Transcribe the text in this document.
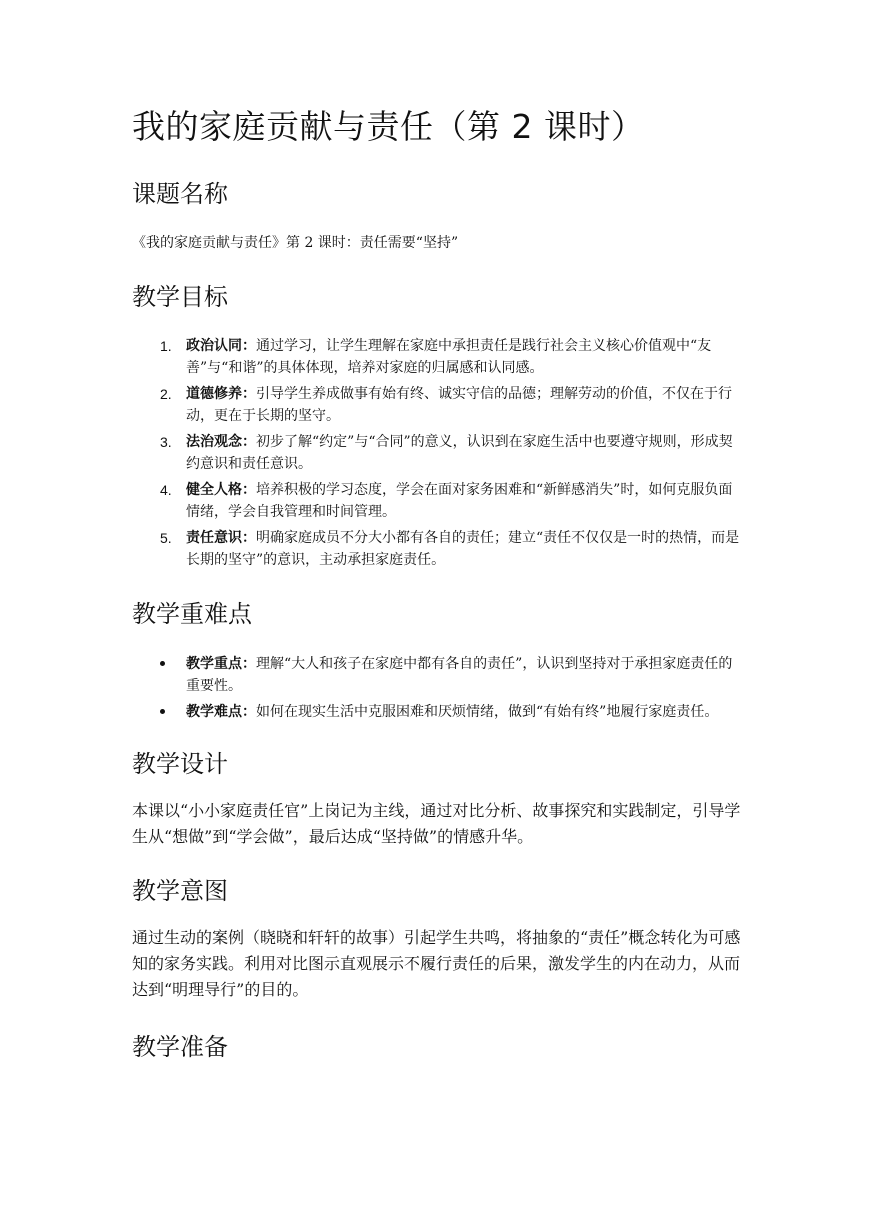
我的家庭贡献与责任（第 2 课时）
课题名称

《我的家庭贡献与责任》第 2 课时：责任需要“坚持”

教学目标
1. 政治认同：通过学习，让学生理解在家庭中承担责任是践行社会主义核心价值观中“友善”与“和谐”的具体体现，培养对家庭的归属感和认同感。
2. 道德修养：引导学生养成做事有始有终、诚实守信的品德；理解劳动的价值，不仅在于行动，更在于长期的坚守。
3. 法治观念：初步了解“约定”与“合同”的意义，认识到在家庭生活中也要遵守规则，形成契约意识和责任意识。
4. 健全人格：培养积极的学习态度，学会在面对家务困难和“新鲜感消失”时，如何克服负面情绪，学会自我管理和时间管理。
5. 责任意识：明确家庭成员不分大小都有各自的责任；建立“责任不仅仅是一时的热情，而是长期的坚守”的意识，主动承担家庭责任。
教学重难点
教学重点：理解“大人和孩子在家庭中都有各自的责任”，认识到坚持对于承担家庭责任的重要性。
教学难点：如何在现实生活中克服困难和厌烦情绪，做到“有始有终”地履行家庭责任。
教学设计

本课以“小小家庭责任官”上岗记为主线，通过对比分析、故事探究和实践制定，引导学生从“想做”到“学会做”，最后达成“坚持做”的情感升华。

教学意图

通过生动的案例（晓晓和轩轩的故事）引起学生共鸣，将抽象的“责任”概念转化为可感知的家务实践。利用对比图示直观展示不履行责任的后果，激发学生的内在动力，从而达到“明理导行”的目的。

教学准备
